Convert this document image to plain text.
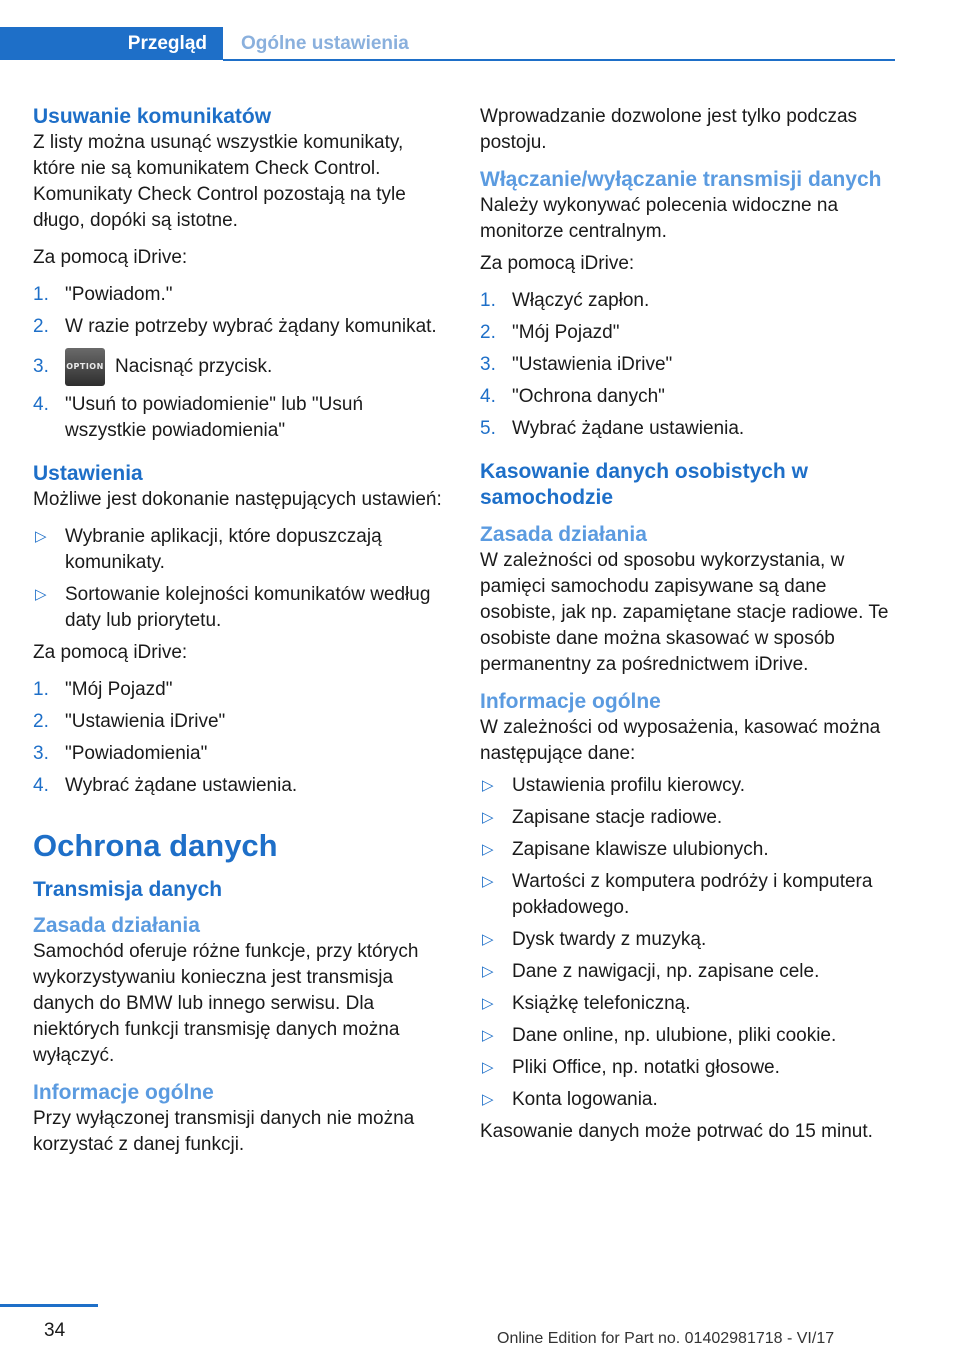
Przegląd	Ogólne ustawienia
Usuwanie komunikatów

Z listy można usunąć wszystkie komunikaty, które nie są komunikatem Check Control. Komunikaty Check Control pozostają na tyle długo, dopóki są istotne.

Za pomocą iDrive:

1. "Powiadom."
2. W razie potrzeby wybrać żądany komunikat.
3. OPTION Nacisnąć przycisk.
4. "Usuń to powiadomienie" lub "Usuń wszystkie powiadomienia"
Ustawienia

Możliwe jest dokonanie następujących ustawień:

▷ Wybranie aplikacji, które dopuszczają komunikaty.
▷ Sortowanie kolejności komunikatów według daty lub priorytetu.

Za pomocą iDrive:

1. "Mój Pojazd"
2. "Ustawienia iDrive"
3. "Powiadomienia"
4. Wybrać żądane ustawienia.
Ochrona danych
Transmisja danych
Zasada działania

Samochód oferuje różne funkcje, przy których wykorzystywaniu konieczna jest transmisja danych do BMW lub innego serwisu. Dla niektórych funkcji transmisję danych można wyłączyć.

Informacje ogólne

Przy wyłączonej transmisji danych nie można korzystać z danej funkcji.

Wprowadzanie dozwolone jest tylko podczas postoju.

Włączanie/wyłączanie transmisji danych

Należy wykonywać polecenia widoczne na monitorze centralnym.

Za pomocą iDrive:

1. Włączyć zapłon.
2. "Mój Pojazd"
3. "Ustawienia iDrive"
4. "Ochrona danych"
5. Wybrać żądane ustawienia.
Kasowanie danych osobistych w samochodzie
Zasada działania

W zależności od sposobu wykorzystania, w pamięci samochodu zapisywane są dane osobiste, jak np. zapamiętane stacje radiowe. Te osobiste dane można skasować w sposób permanentny za pośrednictwem iDrive.

Informacje ogólne

W zależności od wyposażenia, kasować można następujące dane:

▷ Ustawienia profilu kierowcy.
▷ Zapisane stacje radiowe.
▷ Zapisane klawisze ulubionych.
▷ Wartości z komputera podróży i komputera pokładowego.
▷ Dysk twardy z muzyką.
▷ Dane z nawigacji, np. zapisane cele.
▷ Książkę telefoniczną.
▷ Dane online, np. ulubione, pliki cookie.
▷ Pliki Office, np. notatki głosowe.
▷ Konta logowania.

Kasowanie danych może potrwać do 15 minut.

34	Online Edition for Part no. 01402981718 - VI/17
